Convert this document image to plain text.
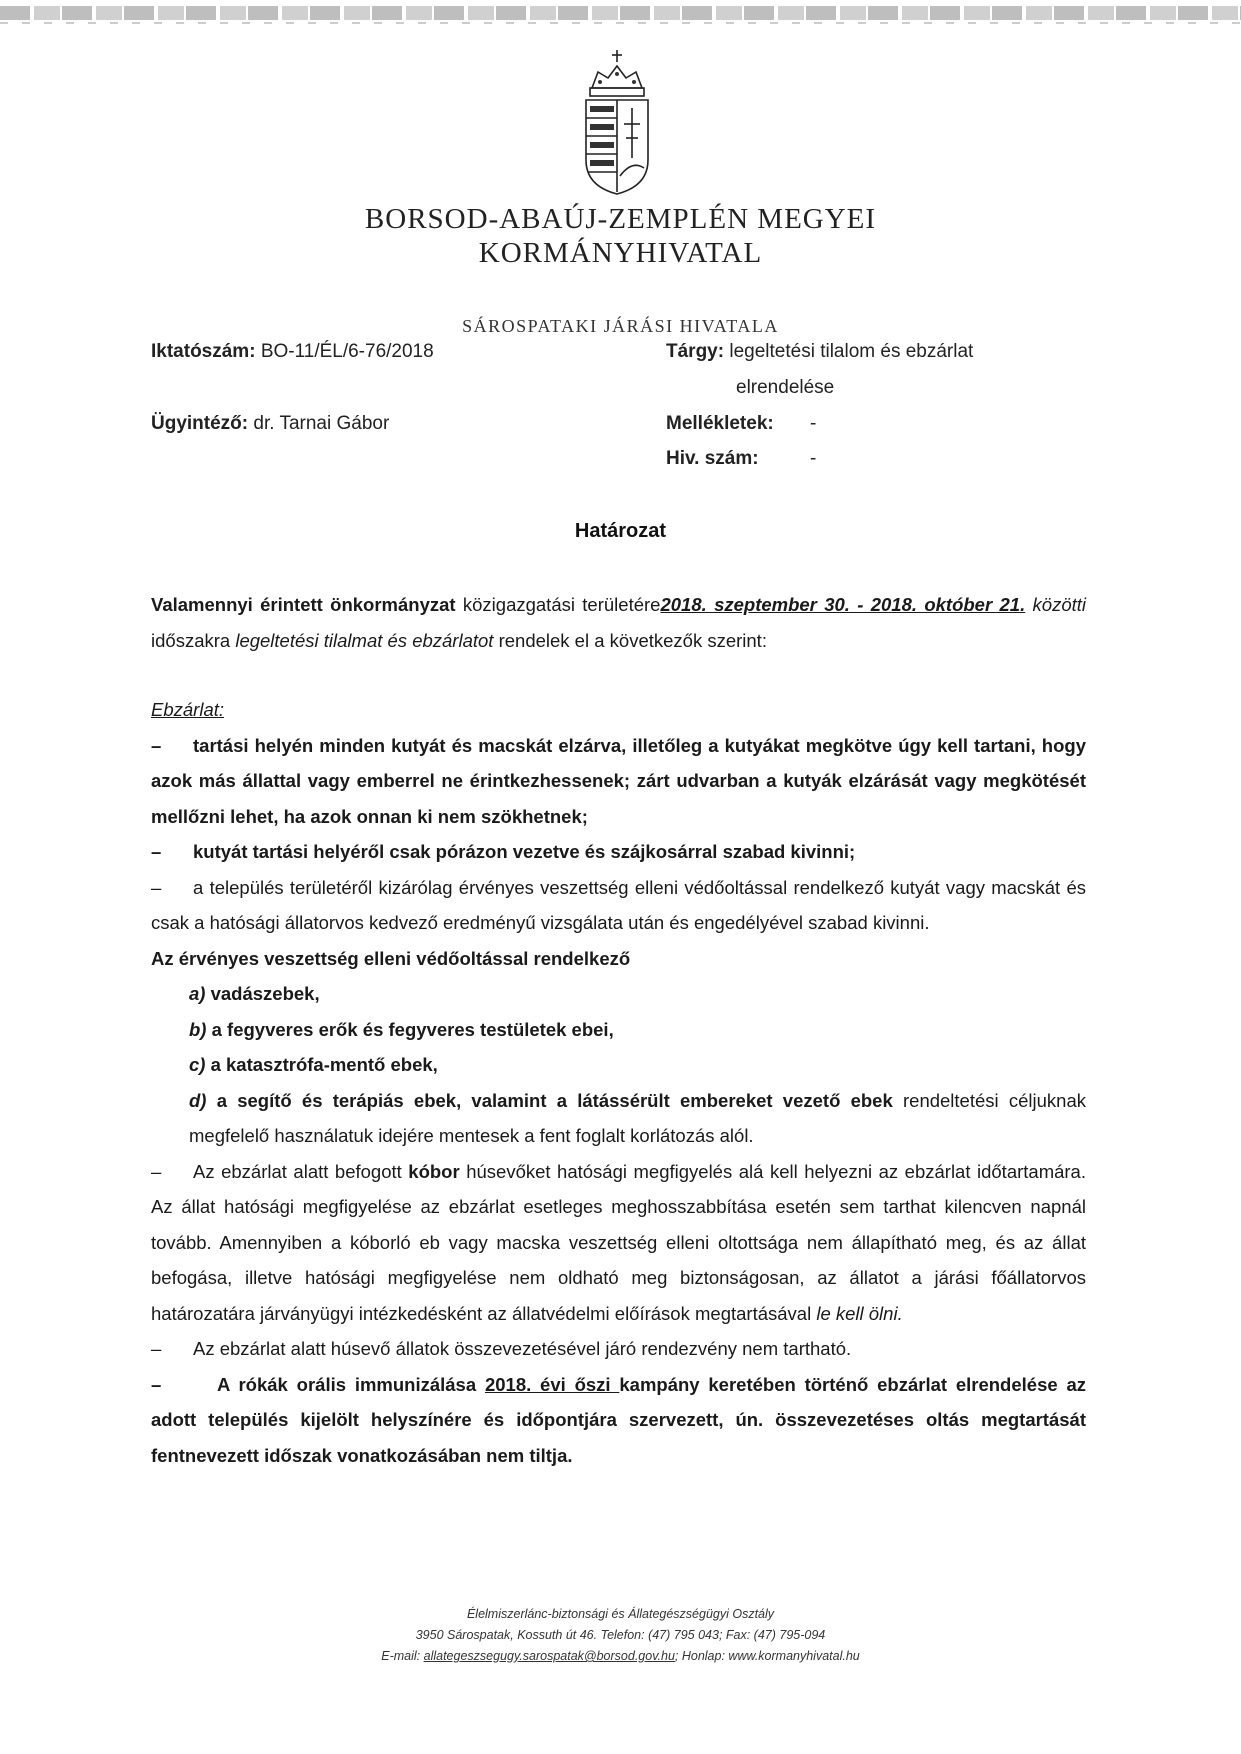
BORSOD-ABAÚJ-ZEMPLÉN MEGYEI
KORMÁNYHIVATAL
SÁROSPATAKI JÁRÁSI HIVATALA
Iktatószám: BO-11/ÉL/6-76/2018	Tárgy: legeltetési tilalom és ebzárlat
elrendelése
Ügyintéző: dr. Tarnai Gábor	Mellékletek: -
Hiv. szám:	-
Határozat
Valamennyi érintett önkormányzat közigazgatási területére2018. szeptember 30. - 2018. október 21. közötti időszakra legeltetési tilalmat és ebzárlatot rendelek el a következők szerint:
Ebzárlat:
– tartási helyén minden kutyát és macskát elzárva, illetőleg a kutyákat megkötve úgy kell tartani, hogy azok más állattal vagy emberrel ne érintkezhessenek; zárt udvarban a kutyák elzárását vagy megkötését mellőzni lehet, ha azok onnan ki nem szökhetnek;
– kutyát tartási helyéről csak pórázon vezetve és szájkosárral szabad kivinni;
– a település területéről kizárólag érvényes veszettség elleni védőoltással rendelkező kutyát vagy macskát és csak a hatósági állatorvos kedvező eredményű vizsgálata után és engedélyével szabad kivinni.
Az érvényes veszettség elleni védőoltással rendelkező
a) vadászebek,
b) a fegyveres erők és fegyveres testületek ebei,
c) a katasztrófa-mentő ebek,
d) a segítő és terápiás ebek, valamint a látássérült embereket vezető ebek rendeltetési céljuknak megfelelő használatuk idejére mentesek a fent foglalt korlátozás alól.
– Az ebzárlat alatt befogott kóbor húsevőket hatósági megfigyelés alá kell helyezni az ebzárlat időtartamára. Az állat hatósági megfigyelése az ebzárlat esetleges meghosszabbítása esetén sem tarthat kilencven napnál tovább. Amennyiben a kóborló eb vagy macska veszettség elleni oltottsága nem állapítható meg, és az állat befogása, illetve hatósági megfigyelése nem oldható meg biztonságosan, az állatot a járási főállatorvos határozatára járványügyi intézkedésként az állatvédelmi előírások megtartásával le kell ölni.
– Az ebzárlat alatt húsevő állatok összevezetésével járó rendezvény nem tartható.
–	A rókák orális immunizálása 2018. évi őszi kampány keretében történő ebzárlat elrendelése az adott település kijelölt helyszínére és időpontjára szervezett, ún. összevezetéses oltás megtartását fentnevezett időszak vonatkozásában nem tiltja.
Élelmiszerlánc-biztonsági és Állategészségügyi Osztály
3950 Sárospatak, Kossuth út 46. Telefon: (47) 795 043; Fax: (47) 795-094
E-mail: allategeszsegugy.sarospatak@borsod.gov.hu; Honlap: www.kormanyhivatal.hu
